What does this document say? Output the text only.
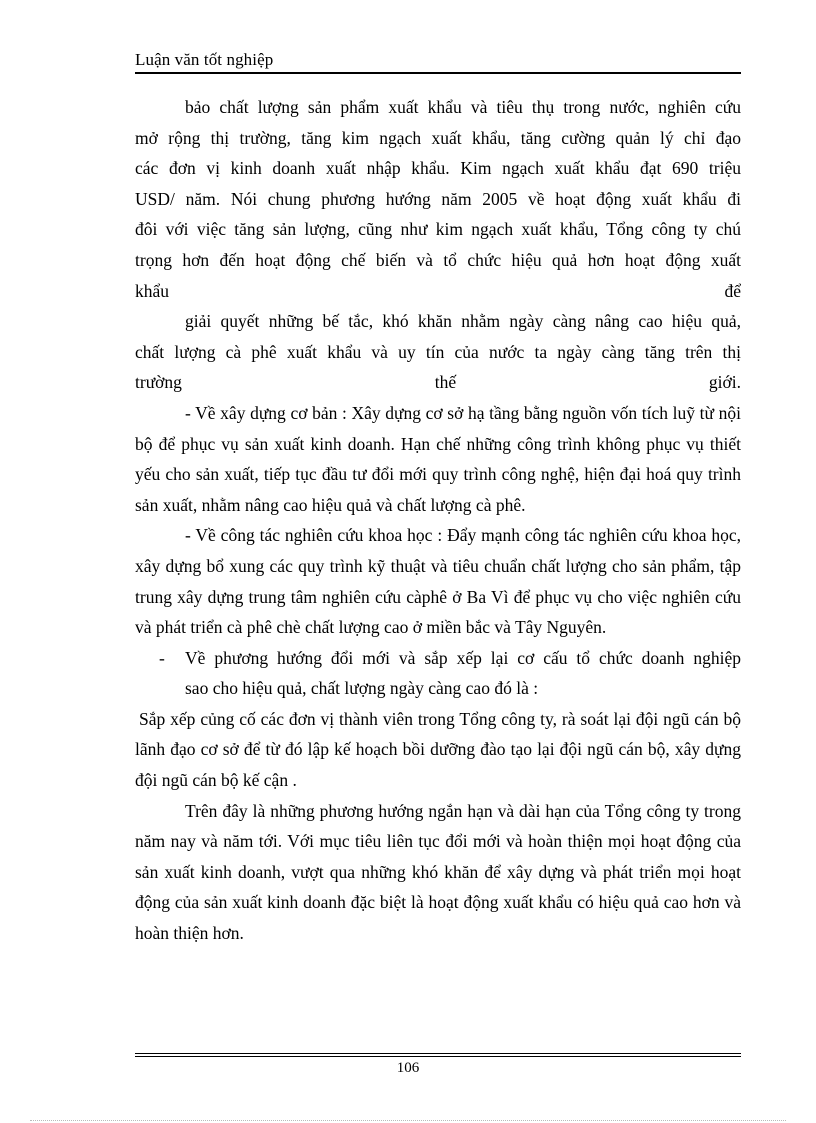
Luận văn tốt nghiệp

bảo chất lượng sản phẩm xuất khẩu và tiêu thụ trong nước, nghiên cứu

mở rộng thị trường, tăng kim ngạch xuất khẩu, tăng cường quản lý chỉ đạo

các đơn vị kinh doanh xuất nhập khẩu. Kim ngạch xuất khẩu đạt 690 triệu

USD/ năm. Nói chung phương hướng năm 2005 về hoạt động xuất khẩu đi

đôi với việc tăng sản lượng, cũng như kim ngạch xuất khẩu, Tổng công ty chú

trọng hơn đến hoạt động chế biến và tổ chức hiệu quả hơn hoạt động xuất

khẩu để

giải quyết những bế tắc, khó khăn nhằm ngày càng nâng cao hiệu quả,

chất lượng cà phê xuất khẩu và uy tín của nước ta ngày càng tăng trên thị

trường thế giới.

- Về xây dựng cơ bản : Xây dựng cơ sở hạ tầng bằng nguồn vốn tích luỹ từ nội bộ để phục vụ sản xuất kinh doanh. Hạn chế những công trình không phục vụ thiết yếu cho sản xuất, tiếp tục đầu tư đổi mới quy trình công nghệ, hiện đại hoá quy trình sản xuất, nhằm nâng cao hiệu quả và chất lượng cà phê.

- Về công tác nghiên cứu khoa học : Đẩy mạnh công tác nghiên cứu khoa học, xây dựng bổ xung các quy trình kỹ thuật và tiêu chuẩn chất lượng cho sản phẩm, tập trung xây dựng trung tâm nghiên cứu càphê ở Ba Vì để phục vụ cho việc nghiên cứu và phát triển cà phê chè chất lượng cao ở miền bắc và Tây Nguyên.

- Về phương hướng đổi mới và sắp xếp lại cơ cấu tổ chức doanh nghiệp

sao cho hiệu quả, chất lượng ngày càng cao đó là :

Sắp xếp củng cố các đơn vị thành viên trong Tổng công ty, rà soát lại đội ngũ cán bộ lãnh đạo cơ sở để từ đó lập kế hoạch bồi dưỡng đào tạo lại đội ngũ cán bộ, xây dựng đội ngũ cán bộ kế cận .

Trên đây là những phương hướng ngắn hạn và dài hạn của Tổng công ty trong năm nay và năm tới. Với mục tiêu liên tục đổi mới và hoàn thiện mọi hoạt động của sản xuất kinh doanh, vượt qua những khó khăn để xây dựng và phát triển mọi hoạt động của sản xuất kinh doanh đặc biệt là hoạt động xuất khẩu có hiệu quả cao hơn và hoàn thiện hơn.

106
